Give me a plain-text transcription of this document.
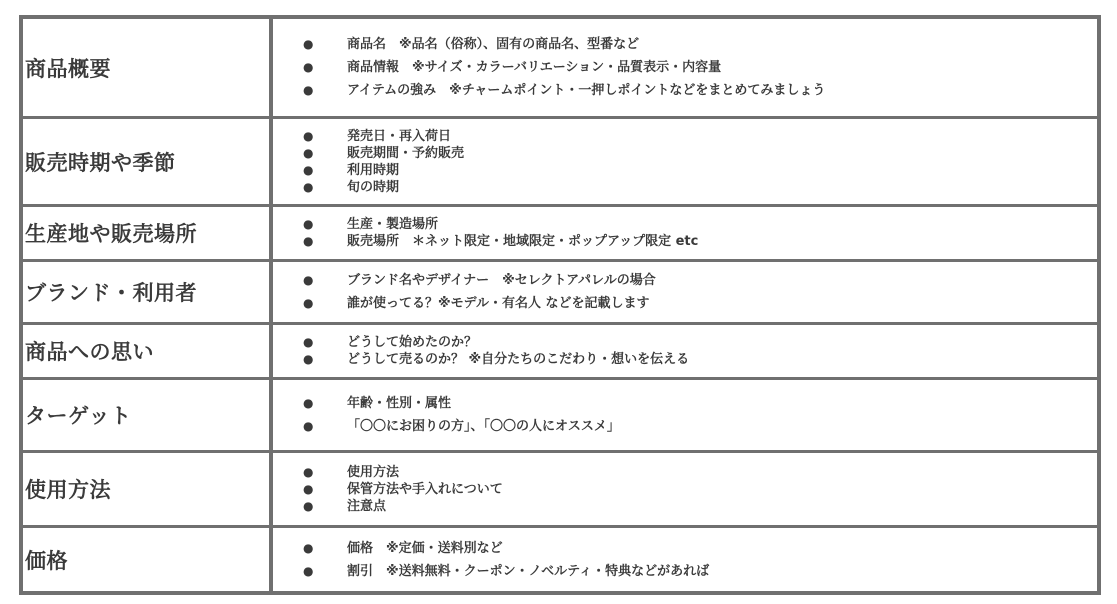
商品概要
●	商品名　※品名（俗称）、固有の商品名、型番など
●	商品情報　※サイズ・カラーバリエーション・品質表示・内容量
●	アイテムの強み　※チャームポイント・一押しポイントなどをまとめてみましょう
販売時期や季節
●	発売日・再入荷日
●	販売期間・予約販売
●	利用時期
●	旬の時期
生産地や販売場所	●	生産・製造場所
●	販売場所　＊ネット限定・地域限定・ポップアップ限定 etc
ブランド・利用者
●	ブランド名やデザイナー　※セレクトアパレルの場合
●	誰が使ってる？※モデル・有名人 などを記載します
商品への思い	●	どうして始めたのか？
●	どうして売るのか？ ※自分たちのこだわり・想いを伝える
ターゲット
●	年齢・性別・属性
●	「〇〇にお困りの方」、「〇〇の人にオススメ」
使用方法
●	使用方法
●	保管方法や手入れについて
●	注意点
価格
●	価格　※定価・送料別など
●	割引　※送料無料・クーポン・ノベルティ・特典などがあれば
